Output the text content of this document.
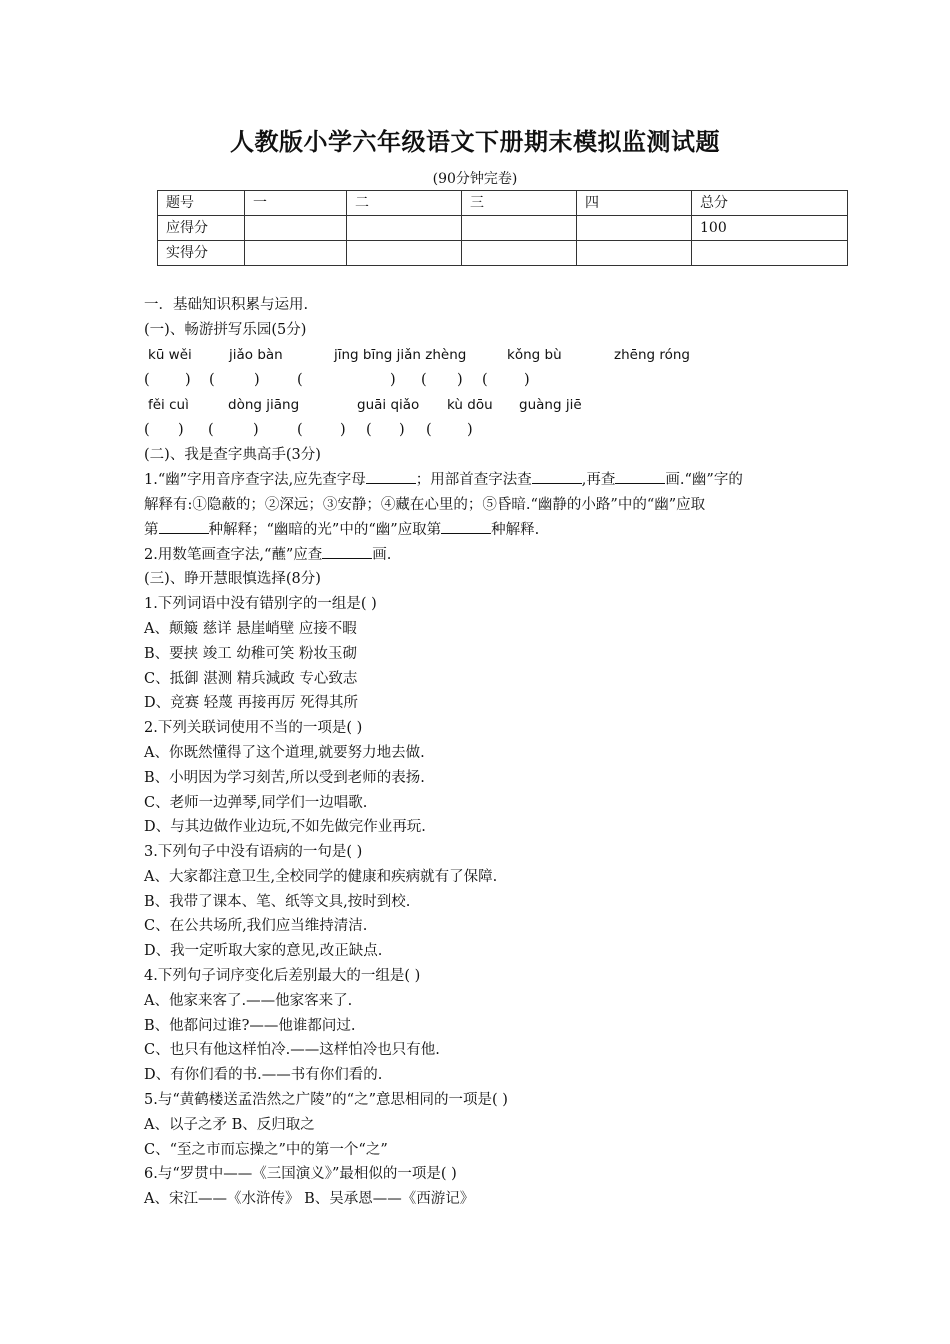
人教版小学六年级语文下册期末模拟监测试题
(90分钟完卷)
题号	一	二	三	四	总分
应得分					100
实得分					
一．基础知识积累与运用.
(一)、畅游拼写乐园(5分)
kū wěi	jiǎo bàn	jīng bīng jiǎn zhèng	kǒng bù	zhēng róng
( ) (	)	(	) ( ) (	)
fěi cuì	dòng jiāng	guāi qiǎo kù dōu guàng jiē
( ) (	)	(	) ( ) ( )
(二)、我是查字典高手(3分)
1.“幽”字用音序查字法,应先查字母	；用部首查字法查	,再查	画.“幽”字的
解释有:①隐蔽的；②深远；③安静；④藏在心里的；⑤昏暗.“幽静的小路”中的“幽”应取
第	种解释；“幽暗的光”中的“幽”应取第	种解释.
2.用数笔画查字法,“蘸”应查	画.
(三)、睁开慧眼慎选择(8分)
1.下列词语中没有错别字的一组是( )
A、颠簸 慈详 悬崖峭壁 应接不暇
B、要挟 竣工 幼稚可笑 粉妆玉砌
C、抵御 湛测 精兵減政 专心致志
D、竞赛 轻蔑 再接再厉 死得其所
2.下列关联词使用不当的一项是( )
A、你既然懂得了这个道理,就要努力地去做.
B、小明因为学习刻苦,所以受到老师的表扬.
C、老师一边弹琴,同学们一边唱歌.
D、与其边做作业边玩,不如先做完作业再玩.
3.下列句子中没有语病的一句是( )
A、大家都注意卫生,全校同学的健康和疾病就有了保障.
B、我带了课本、笔、纸等文具,按时到校.
C、在公共场所,我们应当维持清洁.
D、我一定听取大家的意见,改正缺点.
4.下列句子词序变化后差别最大的一组是( )
A、他家来客了.——他家客来了.
B、他都问过谁?——他谁都问过.
C、也只有他这样怕冷.——这样怕冷也只有他.
D、有你们看的书.——书有你们看的.
5.与“黄鹤楼送孟浩然之广陵”的“之”意思相同的一项是( )
A、以子之矛 B、反归取之
C、“至之市而忘操之”中的第一个“之”
6.与“罗贯中——《三国演义》”最相似的一项是( )
A、宋江——《水浒传》 B、吴承恩——《西游记》
